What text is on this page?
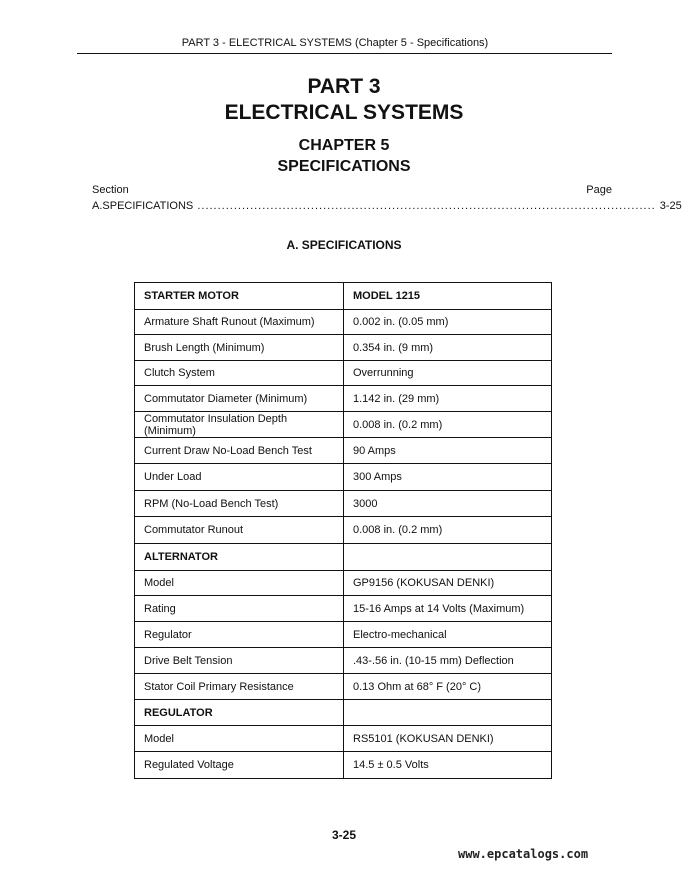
PART 3 - ELECTRICAL SYSTEMS (Chapter 5 - Specifications)
PART 3
ELECTRICAL SYSTEMS
CHAPTER 5
SPECIFICATIONS
Section	Page
A. SPECIFICATIONS ................................................................................................................. 3-25
A. SPECIFICATIONS
STARTER MOTOR	MODEL 1215
Armature Shaft Runout (Maximum)	0.002 in. (0.05 mm)
Brush Length (Minimum)	0.354 in. (9 mm)
Clutch System	Overrunning
Commutator Diameter (Minimum)	1.142 in. (29 mm)
Commutator Insulation Depth (Minimum)	0.008 in. (0.2 mm)
Current Draw No-Load Bench Test	90 Amps
Under Load	300 Amps
RPM (No-Load Bench Test)	3000
Commutator Runout	0.008 in. (0.2 mm)
ALTERNATOR	
Model	GP9156 (KOKUSAN DENKI)
Rating	15-16 Amps at 14 Volts (Maximum)
Regulator	Electro-mechanical
Drive Belt Tension	.43-.56 in. (10-15 mm) Deflection
Stator Coil Primary Resistance	0.13 Ohm at 68° F (20° C)
REGULATOR	
Model	RS5101 (KOKUSAN DENKI)
Regulated Voltage	14.5 ± 0.5 Volts
3-25
www.epcatalogs.com
